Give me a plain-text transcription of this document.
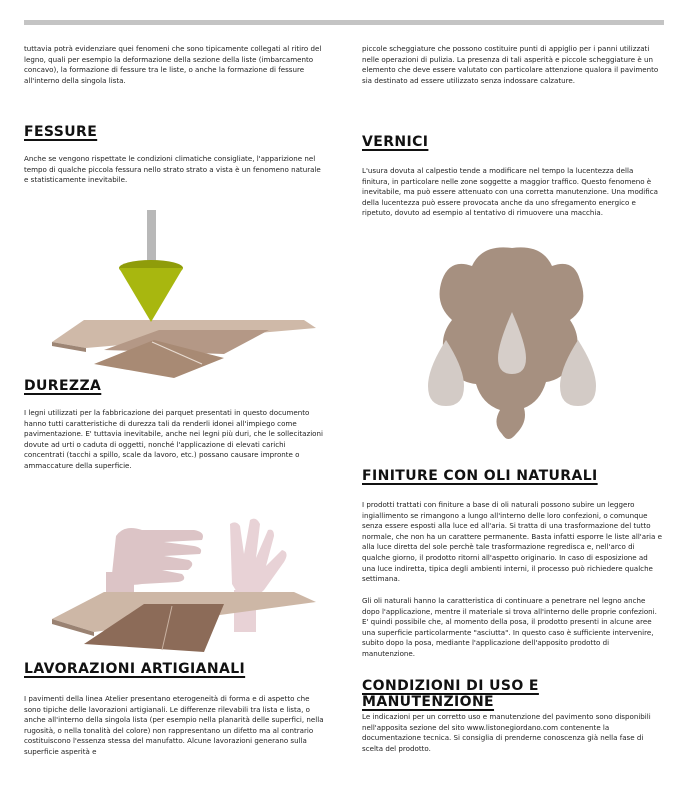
tuttavia potrà evidenziare quei fenomeni che sono tipicamente collegati al ritiro del legno, quali per esempio la deformazione della sezione della liste (imbarcamento concavo), la formazione di fessure tra le liste, o anche la formazione di fessure all'interno della singola lista.

FESSURE

Anche se vengono rispettate le condizioni climatiche consigliate, l'apparizione nel tempo di qualche piccola fessura nello strato strato a vista è un fenomeno naturale e statisticamente inevitabile.

DUREZZA

I legni utilizzati per la fabbricazione dei parquet presentati in questo documento hanno tutti caratteristiche di durezza tali da renderli idonei all'impiego come pavimentazione. E' tuttavia inevitabile, anche nei legni più duri, che le sollecitazioni dovute ad urti o caduta di oggetti, nonché l'applicazione di elevati carichi concentrati (tacchi a spillo, scale da lavoro, etc.) possano causare impronte o ammaccature della superficie.

LAVORAZIONI ARTIGIANALI

I pavimenti della linea Atelier presentano eterogeneità di forma e di aspetto che sono tipiche delle lavorazioni artigianali. Le differenze rilevabili tra lista e lista, o anche all'interno della singola lista (per esempio nella planarità delle superfici, nella rugosità, o nella tonalità del colore) non rappresentano un difetto ma al contrario costituiscono l'essenza stessa del manufatto. Alcune lavorazioni generano sulla superficie asperità e

piccole scheggiature che possono costituire punti di appiglio per i panni utilizzati nelle operazioni di pulizia. La presenza di tali asperità e piccole scheggiature è un elemento che deve essere valutato con particolare attenzione qualora il pavimento sia destinato ad essere utilizzato senza indossare calzature.

VERNICI

L'usura dovuta al calpestio tende a modificare nel tempo la lucentezza della finitura, in particolare nelle zone soggette a maggior traffico. Questo fenomeno è inevitabile, ma può essere attenuato con una corretta manutenzione. Una modifica della lucentezza può essere provocata anche da uno sfregamento energico e ripetuto, dovuto ad esempio al tentativo di rimuovere una macchia.

FINITURE CON OLI NATURALI

I prodotti trattati con finiture a base di oli naturali possono subire un leggero ingiallimento se rimangono a lungo all'interno delle loro confezioni, o comunque senza essere esposti alla luce ed all'aria. Si tratta di una trasformazione del tutto normale, che non ha un carattere permanente. Basta infatti esporre le liste all'aria e alla luce diretta del sole perchè tale trasformazione regredisca e, nell'arco di qualche giorno, il prodotto ritorni all'aspetto originario. In caso di esposizione ad una luce indiretta, tipica degli ambienti interni, il processo può richiedere qualche settimana.

Gli oli naturali hanno la caratteristica di continuare a penetrare nel legno anche dopo l'applicazione, mentre il materiale si trova all'interno delle proprie confezioni. E' quindi possibile che, al momento della posa, il prodotto presenti in alcune aree una superficie particolarmente "asciutta". In questo caso è sufficiente intervenire, subito dopo la posa, mediante l'applicazione dell'apposito prodotto di manutenzione.

CONDIZIONI DI USO E MANUTENZIONE

Le indicazioni per un corretto uso e manutenzione del pavimento sono disponibili nell'apposita sezione del sito www.listonegiordano.com contenente la documentazione tecnica. Si consiglia di prenderne conoscenza già nella fase di scelta del prodotto.
